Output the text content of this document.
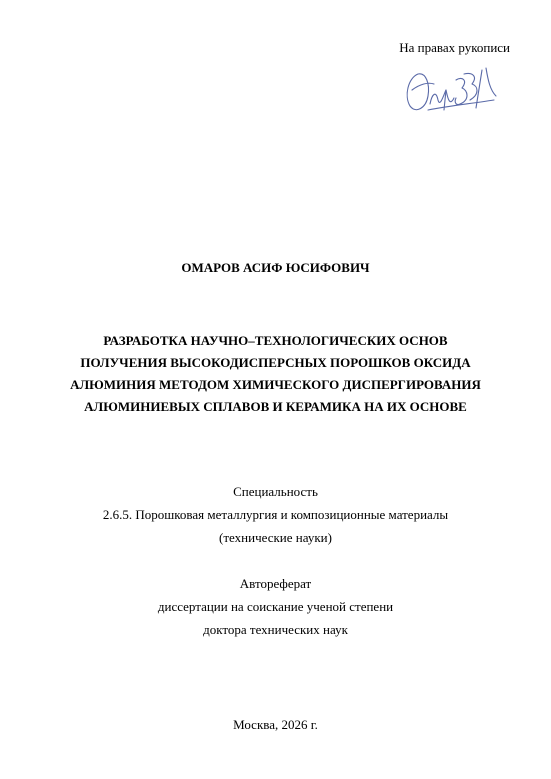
На правах рукописи
ОМАРОВ АСИФ ЮСИФОВИЧ
РАЗРАБОТКА НАУЧНО–ТЕХНОЛОГИЧЕСКИХ ОСНОВ
ПОЛУЧЕНИЯ ВЫСОКОДИСПЕРСНЫХ ПОРОШКОВ ОКСИДА
АЛЮМИНИЯ МЕТОДОМ ХИМИЧЕСКОГО ДИСПЕРГИРОВАНИЯ
АЛЮМИНИЕВЫХ СПЛАВОВ И КЕРАМИКА НА ИХ ОСНОВЕ
Специальность
2.6.5. Порошковая металлургия и композиционные материалы
(технические науки)
Автореферат
диссертации на соискание ученой степени
доктора технических наук
Москва, 2026 г.
